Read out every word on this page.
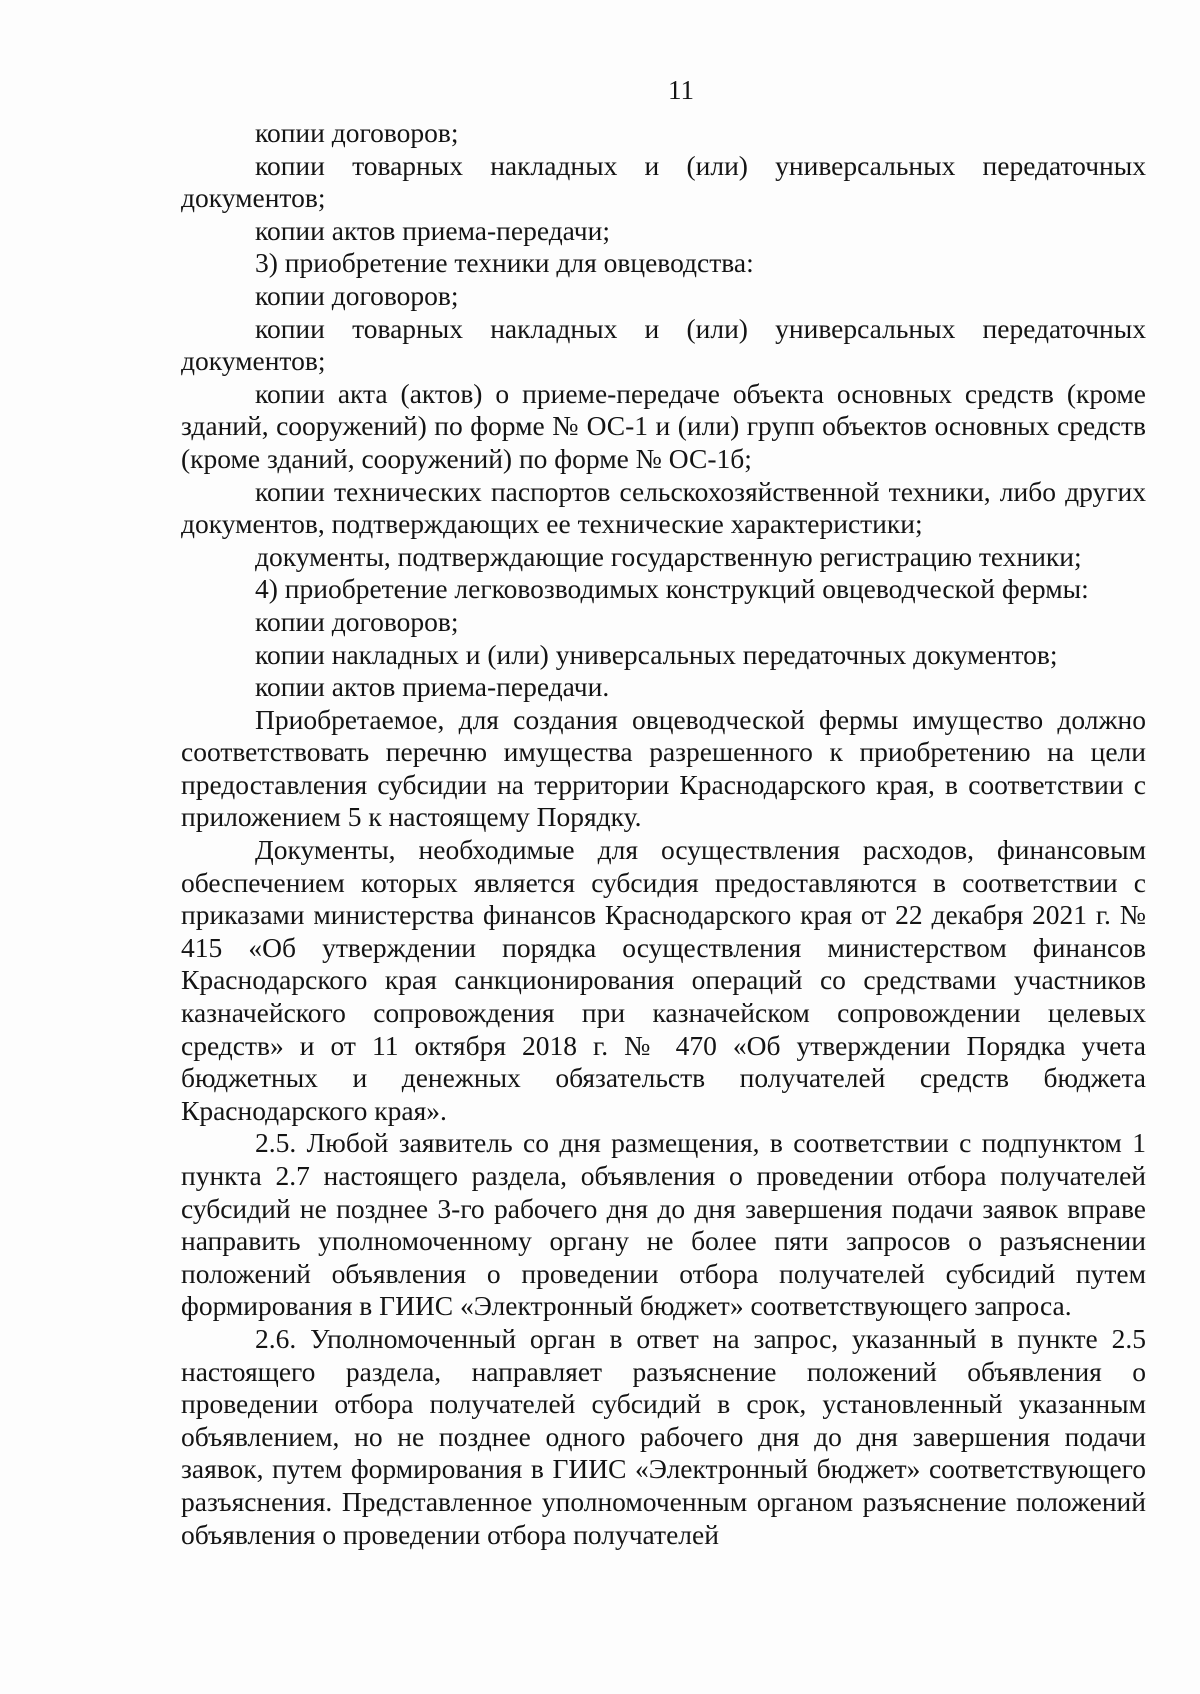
11

копии договоров;

копии товарных накладных и (или) универсальных передаточных документов;

копии актов приема-передачи;

3) приобретение техники для овцеводства:

копии договоров;

копии товарных накладных и (или) универсальных передаточных документов;

копии акта (актов) о приеме-передаче объекта основных средств (кроме зданий, сооружений) по форме № ОС-1 и (или) групп объектов основных средств (кроме зданий, сооружений) по форме № ОС-1б;

копии технических паспортов сельскохозяйственной техники, либо других документов, подтверждающих ее технические характеристики;

документы, подтверждающие государственную регистрацию техники;

4) приобретение легковозводимых конструкций овцеводческой фермы:

копии договоров;

копии накладных и (или) универсальных передаточных документов;

копии актов приема-передачи.

Приобретаемое, для создания овцеводческой фермы имущество должно соответствовать перечню имущества разрешенного к приобретению на цели предоставления субсидии на территории Краснодарского края, в соответствии с приложением 5 к настоящему Порядку.

Документы, необходимые для осуществления расходов, финансовым обеспечением которых является субсидия предоставляются в соответствии с приказами министерства финансов Краснодарского края от 22 декабря 2021 г. № 415 «Об утверждении порядка осуществления министерством финансов Краснодарского края санкционирования операций со средствами участников казначейского сопровождения при казначейском сопровождении целевых средств» и от 11 октября 2018 г. № 470 «Об утверждении Порядка учета бюджетных и денежных обязательств получателей средств бюджета Краснодарского края».

2.5. Любой заявитель со дня размещения, в соответствии с подпунктом 1 пункта 2.7 настоящего раздела, объявления о проведении отбора получателей субсидий не позднее 3-го рабочего дня до дня завершения подачи заявок вправе направить уполномоченному органу не более пяти запросов о разъяснении положений объявления о проведении отбора получателей субсидий путем формирования в ГИИС «Электронный бюджет» соответствующего запроса.

2.6. Уполномоченный орган в ответ на запрос, указанный в пункте 2.5 настоящего раздела, направляет разъяснение положений объявления о проведении отбора получателей субсидий в срок, установленный указанным объявлением, но не позднее одного рабочего дня до дня завершения подачи заявок, путем формирования в ГИИС «Электронный бюджет» соответствующего разъяснения. Представленное уполномоченным органом разъяснение положений объявления о проведении отбора получателей
